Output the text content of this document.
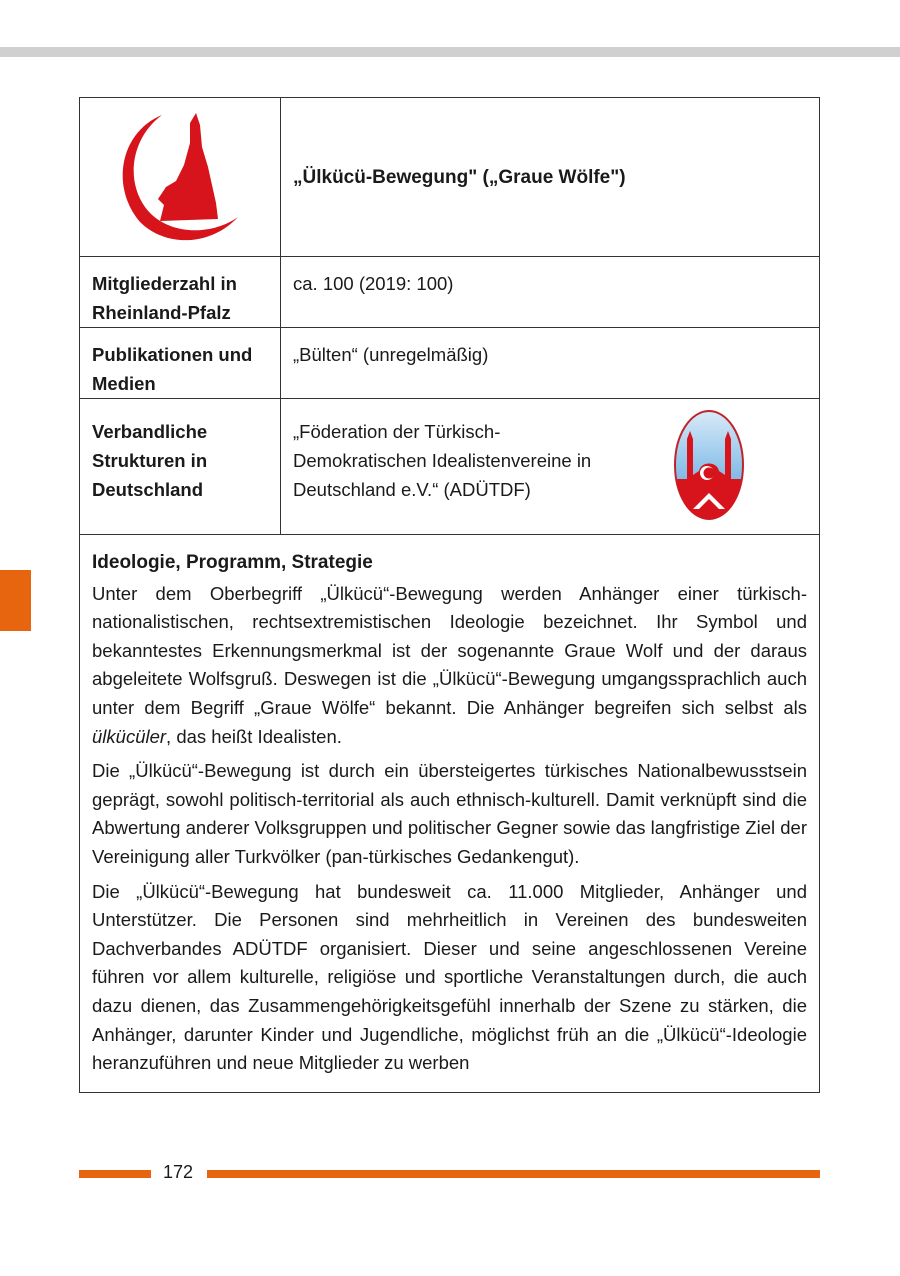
„Ülkücü-Bewegung" („Graue Wölfe")
Mitgliederzahl in Rheinland-Pfalz
ca. 100 (2019: 100)
Publikationen und Medien
„Bülten“ (unregelmäßig)
Verbandliche Strukturen in Deutschland
„Föderation der Türkisch-Demokratischen Idealistenvereine in Deutschland e.V.“ (ADÜTDF)
Ideologie, Programm, Strategie

Unter dem Oberbegriff „Ülkücü“-Bewegung werden Anhänger einer türkisch-nationalistischen, rechtsextremistischen Ideologie bezeichnet. Ihr Symbol und bekanntestes Erkennungsmerkmal ist der sogenannte Graue Wolf und der daraus abgeleitete Wolfsgruß. Deswegen ist die „Ülkücü“-Bewegung umgangssprachlich auch unter dem Begriff „Graue Wölfe“ bekannt. Die Anhänger begreifen sich selbst als ülkücüler, das heißt Idealisten.

Die „Ülkücü“-Bewegung ist durch ein übersteigertes türkisches Nationalbewusstsein geprägt, sowohl politisch-territorial als auch ethnisch-kulturell. Damit verknüpft sind die Abwertung anderer Volksgruppen und politischer Gegner sowie das langfristige Ziel der Vereinigung aller Turkvölker (pan-türkisches Gedankengut).

Die „Ülkücü“-Bewegung hat bundesweit ca. 11.000 Mitglieder, Anhänger und Unterstützer. Die Personen sind mehrheitlich in Vereinen des bundesweiten Dachverbandes ADÜTDF organisiert. Dieser und seine angeschlossenen Vereine führen vor allem kulturelle, religiöse und sportliche Veranstaltungen durch, die auch dazu dienen, das Zusammengehörigkeitsgefühl innerhalb der Szene zu stärken, die Anhänger, darunter Kinder und Jugendliche, möglichst früh an die „Ülkücü“-Ideologie heranzuführen und neue Mitglieder zu werben

172
